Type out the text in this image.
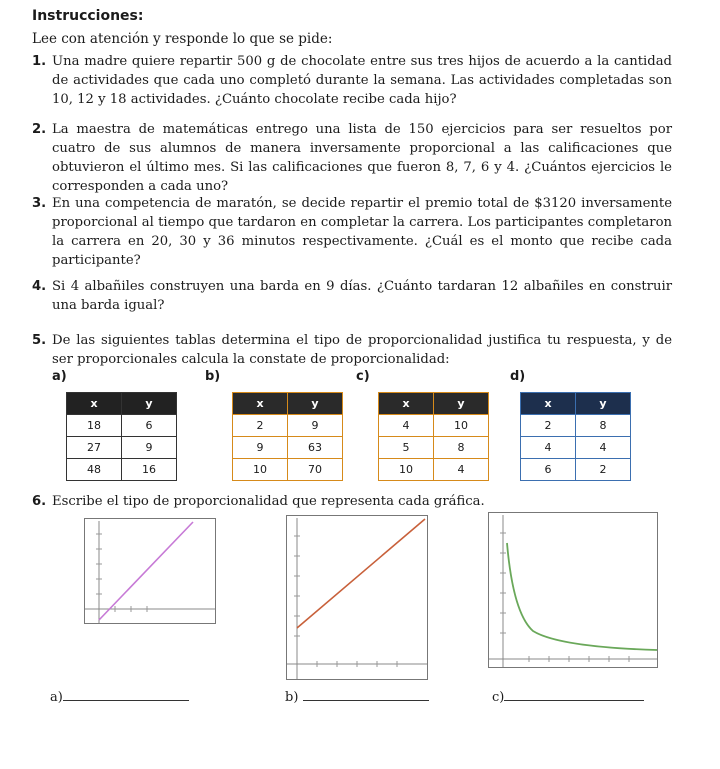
Instrucciones:
Lee con atención y responde lo que se pide:
1. Una madre quiere repartir 500 g de chocolate entre sus tres hijos de acuerdo a la cantidad de actividades que cada uno completó durante la semana. Las actividades completadas son 10, 12 y 18 actividades. ¿Cuánto chocolate recibe cada hijo?
2. La maestra de matemáticas entrego una lista de 150 ejercicios para ser resueltos por cuatro de sus alumnos de manera inversamente proporcional a las calificaciones que obtuvieron el último mes. Si las calificaciones que fueron 8, 7, 6 y 4. ¿Cuántos ejercicios le corresponden a cada uno?
3. En una competencia de maratón, se decide repartir el premio total de $3120 inversamente proporcional al tiempo que tardaron en completar la carrera. Los participantes completaron la carrera en 20, 30 y 36 minutos respectivamente. ¿Cuál es el monto que recibe cada participante?
4. Si 4 albañiles construyen una barda en 9 días. ¿Cuánto tardaran 12 albañiles en construir una barda igual?
5. De las siguientes tablas determina el tipo de proporcionalidad justifica tu respuesta, y de ser proporcionales calcula la constate de proporcionalidad:
a)	b)	c)	d)
x	y
18	6
27	9
48	16
x	y
2	9
9	63
10	70
x	y
4	10
5	8
10	4
x	y
2	8
4	4
6	2
6. Escribe el tipo de proporcionalidad que representa cada gráfica.
a)	b)	c)
